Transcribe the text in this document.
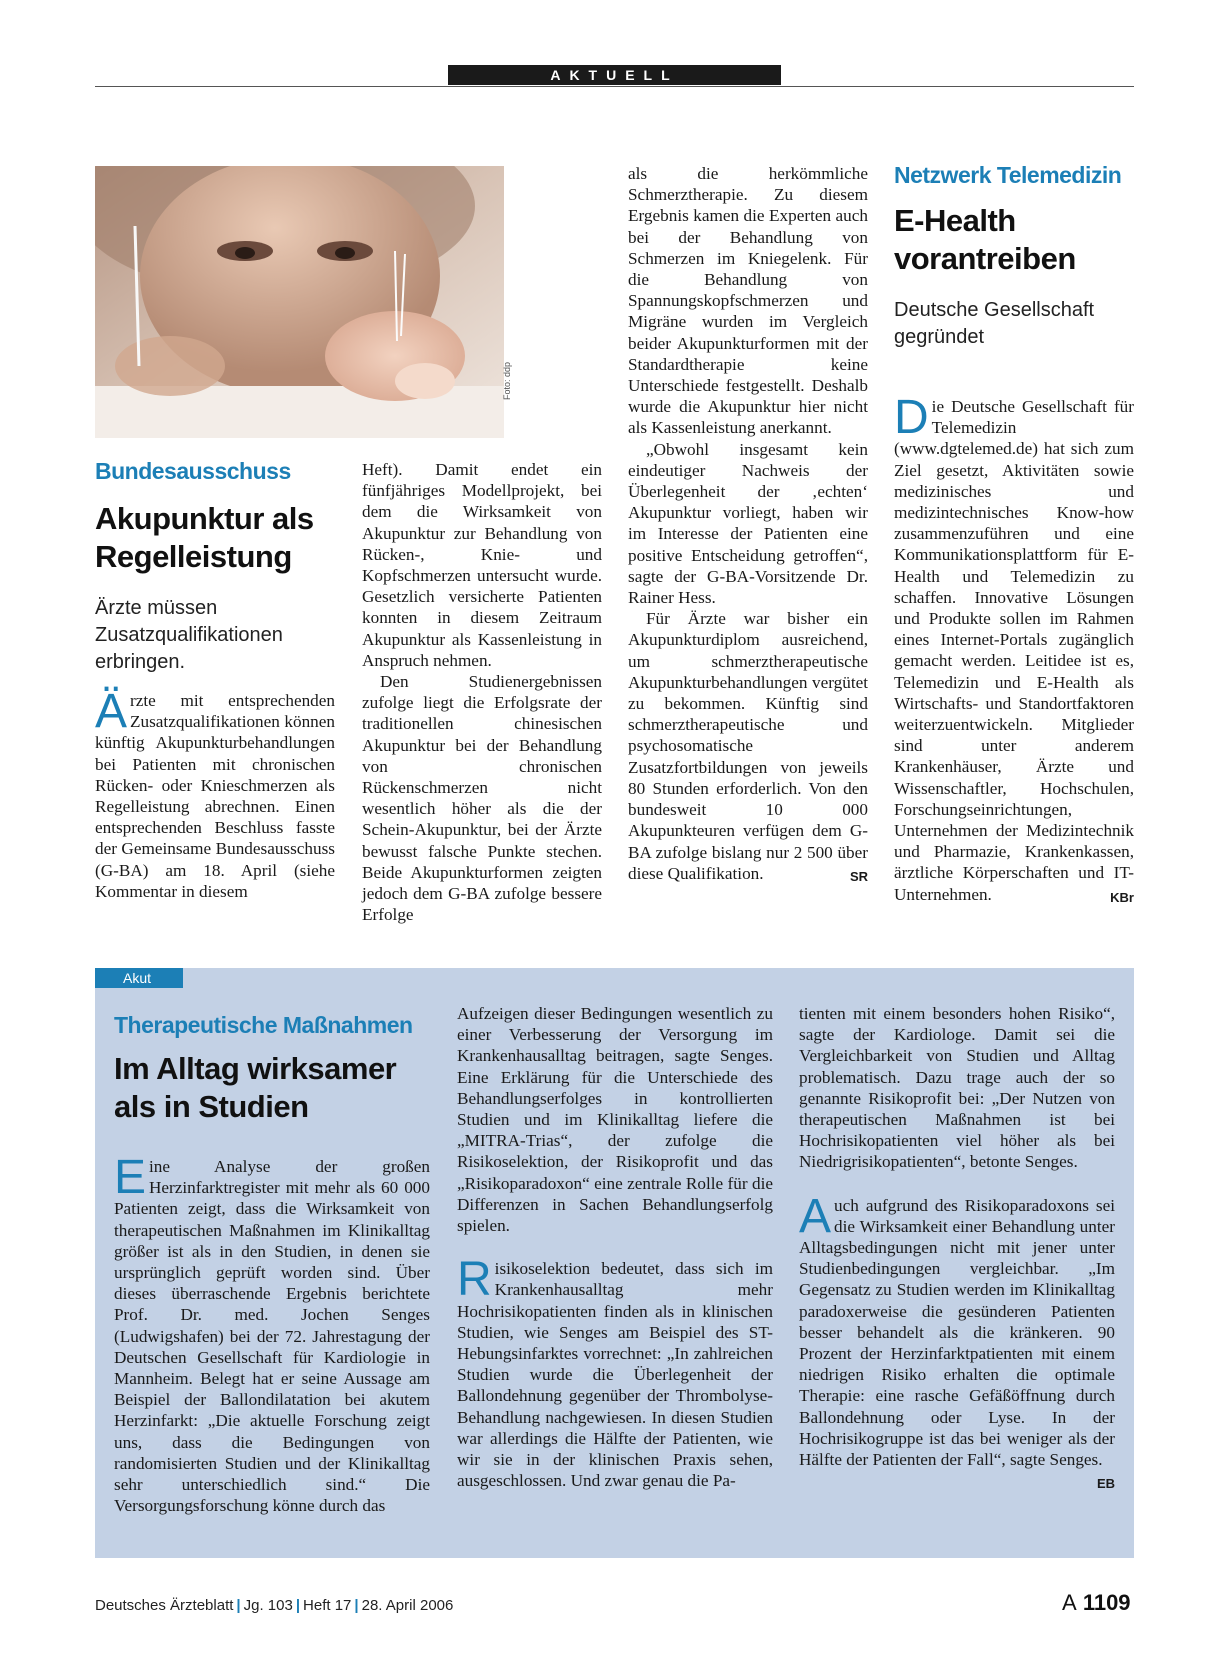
AKTUELL
Foto: ddp
Bundesausschuss
Akupunktur als
Regelleistung
Ärzte müssen Zusatzqualifikationen erbringen.

Ärzte mit entsprechenden Zusatzqualifikationen können künftig Akupunkturbehandlungen bei Patienten mit chronischen Rücken- oder Knieschmerzen als Regelleistung abrechnen. Einen entsprechenden Beschluss fasste der Gemeinsame Bundesausschuss (G-BA) am 18. April (siehe Kommentar in diesem

Heft). Damit endet ein fünfjähriges Modellprojekt, bei dem die Wirksamkeit von Akupunktur zur Behandlung von Rücken-, Knie- und Kopfschmerzen untersucht wurde. Gesetzlich versicherte Patienten konnten in diesem Zeitraum Akupunktur als Kassenleistung in Anspruch nehmen.

Den Studienergebnissen zufolge liegt die Erfolgsrate der traditionellen chinesischen Akupunktur bei der Behandlung von chronischen Rückenschmerzen nicht wesentlich höher als die der Schein-Akupunktur, bei der Ärzte bewusst falsche Punkte stechen. Beide Akupunkturformen zeigten jedoch dem G-BA zufolge bessere Erfolge

als die herkömmliche Schmerztherapie. Zu diesem Ergebnis kamen die Experten auch bei der Behandlung von Schmerzen im Kniegelenk. Für die Behandlung von Spannungskopfschmerzen und Migräne wurden im Vergleich beider Akupunkturformen mit der Standardtherapie keine Unterschiede festgestellt. Deshalb wurde die Akupunktur hier nicht als Kassenleistung anerkannt.

„Obwohl insgesamt kein eindeutiger Nachweis der Überlegenheit der ‚echten‘ Akupunktur vorliegt, haben wir im Interesse der Patienten eine positive Entscheidung getroffen“, sagte der G-BA-Vorsitzende Dr. Rainer Hess.

Für Ärzte war bisher ein Akupunkturdiplom ausreichend, um schmerztherapeutische Akupunkturbehandlungen vergütet zu bekommen. Künftig sind schmerztherapeutische und psychosomatische Zusatzfortbildungen von jeweils 80 Stunden erforderlich. Von den bundesweit 10 000 Akupunkteuren verfügen dem G-BA zufolge bislang nur 2 500 über diese Qualifikation.	SR

Netzwerk Telemedizin
E-Health
vorantreiben
Deutsche Gesellschaft gegründet

Die Deutsche Gesellschaft für Telemedizin (www.dgtelemed.de) hat sich zum Ziel gesetzt, Aktivitäten sowie medizinisches und medizintechnisches Know-how zusammenzuführen und eine Kommunikationsplattform für E-Health und Telemedizin zu schaffen. Innovative Lösungen und Produkte sollen im Rahmen eines Internet-Portals zugänglich gemacht werden. Leitidee ist es, Telemedizin und E-Health als Wirtschafts- und Standortfaktoren weiterzuentwickeln. Mitglieder sind unter anderem Krankenhäuser, Ärzte und Wissenschaftler, Hochschulen, Forschungseinrichtungen, Unternehmen der Medizintechnik und Pharmazie, Krankenkassen, ärztliche Körperschaften und IT-Unternehmen.	KBr

Akut
Therapeutische Maßnahmen
Im Alltag wirksamer
als in Studien

Eine Analyse der großen Herzinfarktregister mit mehr als 60 000 Patienten zeigt, dass die Wirksamkeit von therapeutischen Maßnahmen im Klinikalltag größer ist als in den Studien, in denen sie ursprünglich geprüft worden sind. Über dieses überraschende Ergebnis berichtete Prof. Dr. med. Jochen Senges (Ludwigshafen) bei der 72. Jahrestagung der Deutschen Gesellschaft für Kardiologie in Mannheim. Belegt hat er seine Aussage am Beispiel der Ballondilatation bei akutem Herzinfarkt: „Die aktuelle Forschung zeigt uns, dass die Bedingungen von randomisierten Studien und der Klinikalltag sehr unterschiedlich sind.“ Die Versorgungsforschung könne durch das

Aufzeigen dieser Bedingungen wesentlich zu einer Verbesserung der Versorgung im Krankenhausalltag beitragen, sagte Senges. Eine Erklärung für die Unterschiede des Behandlungserfolges in kontrollierten Studien und im Klinikalltag liefere die „MITRA-Trias“, der zufolge die Risikoselektion, der Risikoprofit und das „Risikoparadoxon“ eine zentrale Rolle für die Differenzen in Sachen Behandlungserfolg spielen.

Risikoselektion bedeutet, dass sich im Krankenhausalltag mehr Hochrisikopatienten finden als in klinischen Studien, wie Senges am Beispiel des ST-Hebungsinfarktes vorrechnet: „In zahlreichen Studien wurde die Überlegenheit der Ballondehnung gegenüber der Thrombolyse-Behandlung nachgewiesen. In diesen Studien war allerdings die Hälfte der Patienten, wie wir sie in der klinischen Praxis sehen, ausgeschlossen. Und zwar genau die Pa-

tienten mit einem besonders hohen Risiko“, sagte der Kardiologe. Damit sei die Vergleichbarkeit von Studien und Alltag problematisch. Dazu trage auch der so genannte Risikoprofit bei: „Der Nutzen von therapeutischen Maßnahmen ist bei Hochrisikopatienten viel höher als bei Niedrigrisikopatienten“, betonte Senges.

Auch aufgrund des Risikoparadoxons sei die Wirksamkeit einer Behandlung unter Alltagsbedingungen nicht mit jener unter Studienbedingungen vergleichbar. „Im Gegensatz zu Studien werden im Klinikalltag paradoxerweise die gesünderen Patienten besser behandelt als die kränkeren. 90 Prozent der Herzinfarktpatienten mit einem niedrigen Risiko erhalten die optimale Therapie: eine rasche Gefäßöffnung durch Ballondehnung oder Lyse. In der Hochrisikogruppe ist das bei weniger als der Hälfte der Patienten der Fall“, sagte Senges.
EB

Deutsches Ärzteblatt | Jg. 103 | Heft 17 | 28. April 2006	A 1109
